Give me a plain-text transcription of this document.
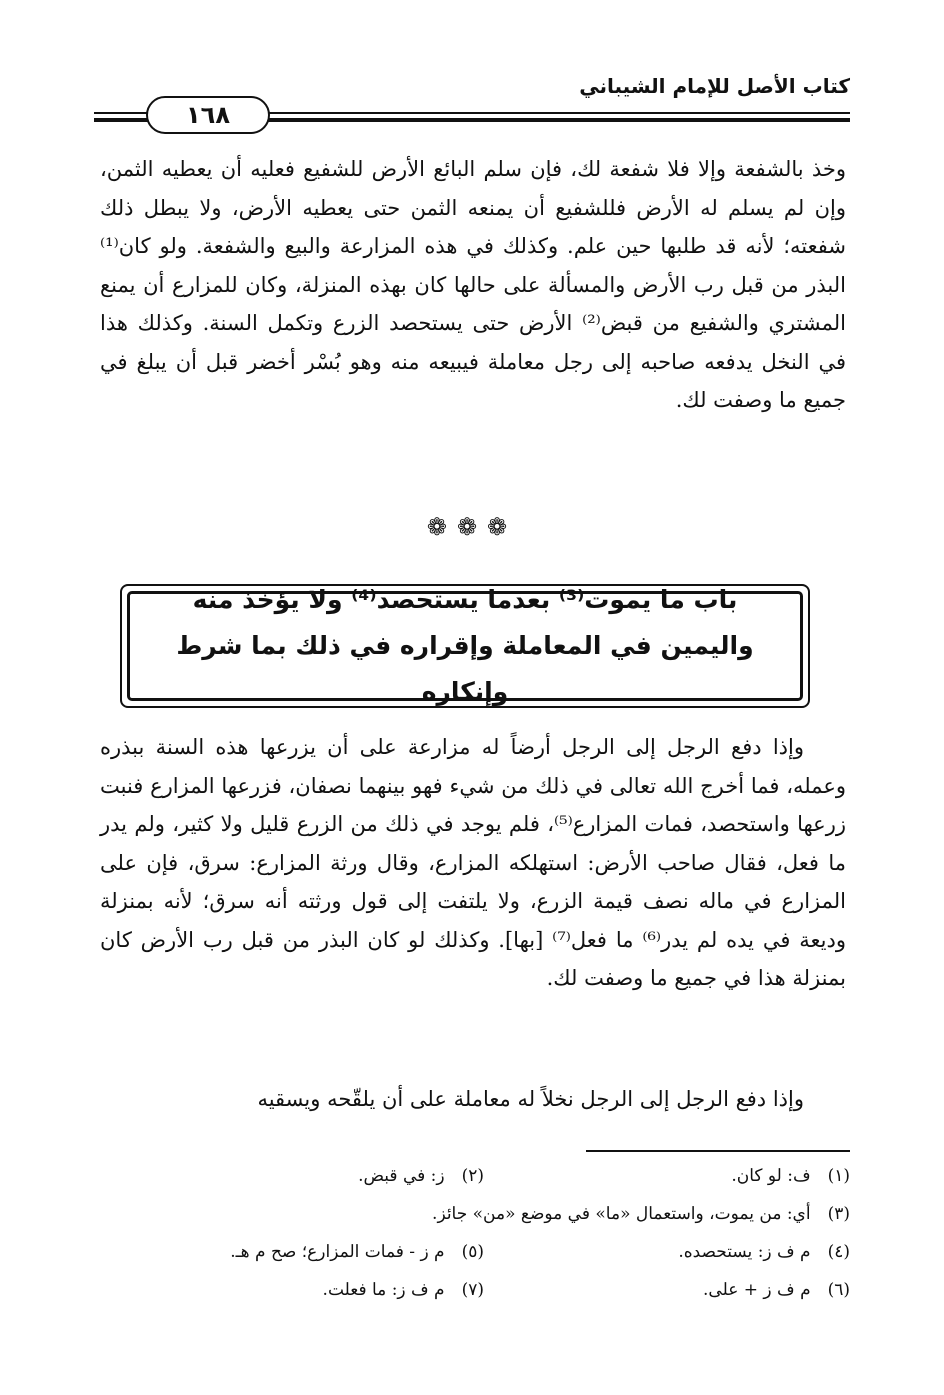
كتاب الأصل للإمام الشيباني
١٦٨

وخذ بالشفعة وإلا فلا شفعة لك، فإن سلم البائع الأرض للشفيع فعليه أن يعطيه الثمن، وإن لم يسلم له الأرض فللشفيع أن يمنعه الثمن حتى يعطيه الأرض، ولا يبطل ذلك شفعته؛ لأنه قد طلبها حين علم. وكذلك في هذه المزارعة والبيع والشفعة. ولو كان⁽¹⁾ البذر من قبل رب الأرض والمسألة على حالها كان بهذه المنزلة، وكان للمزارع أن يمنع المشتري والشفيع من قبض⁽²⁾ الأرض حتى يستحصد الزرع وتكمل السنة. وكذلك هذا في النخل يدفعه صاحبه إلى رجل معاملة فيبيعه منه وهو بُسْر أخضر قبل أن يبلغ في جميع ما وصفت لك.

❁❁❁
باب ما يموت⁽³⁾ بعدما يستحصد⁽⁴⁾ ولا يؤخذ منه
واليمين في المعاملة وإقراره في ذلك بما شرط وإنكاره

وإذا دفع الرجل إلى الرجل أرضاً له مزارعة على أن يزرعها هذه السنة ببذره وعمله، فما أخرج الله تعالى في ذلك من شيء فهو بينهما نصفان، فزرعها المزارع فنبت زرعها واستحصد، فمات المزارع⁽⁵⁾، فلم يوجد في ذلك من الزرع قليل ولا كثير، ولم يدر ما فعل، فقال صاحب الأرض: استهلكه المزارع، وقال ورثة المزارع: سرق، فإن على المزارع في ماله نصف قيمة الزرع، ولا يلتفت إلى قول ورثته أنه سرق؛ لأنه بمنزلة وديعة في يده لم يدر⁽⁶⁾ ما فعل⁽⁷⁾ [بها]. وكذلك لو كان البذر من قبل رب الأرض كان بمنزلة هذا في جميع ما وصفت لك.

وإذا دفع الرجل إلى الرجل نخلاً له معاملة على أن يلقّحه ويسقيه

(١) ف: لو كان.
(٢) ز: في قبض.
(٣) أي: من يموت، واستعمال «ما» في موضع «من» جائز.
(٤) م ف ز: يستحصده.
(٥) م ز - فمات المزارع؛ صح م هـ.
(٦) م ف ز + على.
(٧) م ف ز: ما فعلت.
